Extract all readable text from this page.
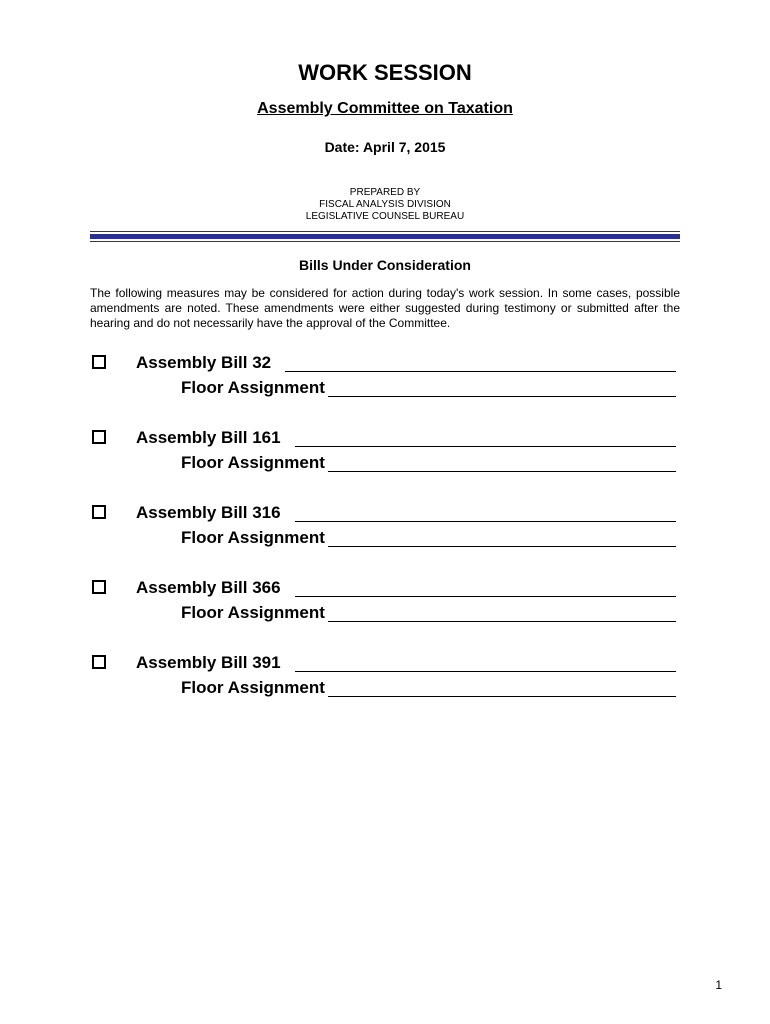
WORK SESSION
Assembly Committee on Taxation
Date: April 7, 2015
PREPARED BY
FISCAL ANALYSIS DIVISION
LEGISLATIVE COUNSEL BUREAU
Bills Under Consideration
The following measures may be considered for action during today's work session. In some cases, possible amendments are noted. These amendments were either suggested during testimony or submitted after the hearing and do not necessarily have the approval of the Committee.
Assembly Bill 32
Floor Assignment
Assembly Bill 161
Floor Assignment
Assembly Bill 316
Floor Assignment
Assembly Bill 366
Floor Assignment
Assembly Bill 391
Floor Assignment
1
